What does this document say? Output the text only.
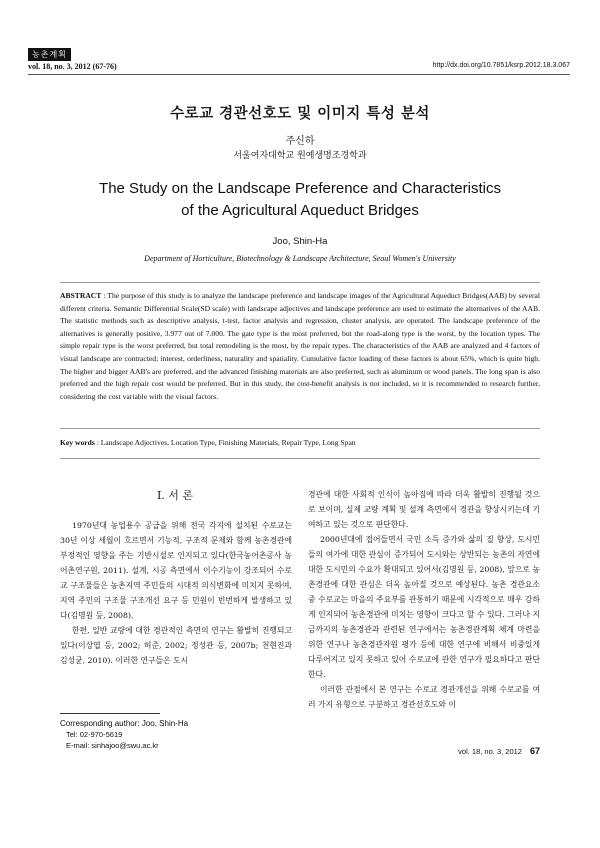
농촌계획
vol. 18, no. 3, 2012 (67-76)	http://dx.doi.org/10.7851/ksrp.2012.18.3.067
수로교 경관선호도 및 이미지 특성 분석
주신하
서울여자대학교 원예생명조경학과
The Study on the Landscape Preference and Characteristics
of the Agricultural Aqueduct Bridges
Joo, Shin-Ha
Department of Horticulture, Biotechnology & Landscape Architecture, Seoul Women's University
ABSTRACT : The purpose of this study is to analyze the landscape preference and landscape images of the Agricultural Aqueduct Bridges(AAB) by several different criteria. Semantic Differential Scale(SD scale) with landscape adjectives and landscape preference are used to estimate the alternatives of the AAB. The statistic methods such as descriptive analysis, t-test, factor analysis and regression, cluster analysis, are operated. The landscape preference of the alternatives is generally positive, 3.977 out of 7.000. The gate type is the most preferred, but the road-along type is the worst, by the location types. The simple repair type is the worst preferred, but total remodeling is the most, by the repair types. The characteristics of the AAB are analyzed and 4 factors of visual landscape are contracted; interest, orderliness, naturality and spatiality. Cumulative factor loading of these factors is about 65%, which is quite high. The higher and bigger AAB's are preferred, and the advanced finishing materials are also preferred, such as aluminum or wood panels. The long span is also preferred and the high repair cost would be preferred. But in this study, the cost-benefit analysis is not included, so it is recommended to research further, considering the cost variable with the visual factors.
Key words : Landscape Adjectives, Location Type, Finishing Materials, Repair Type, Long Span
I. 서 론

1970년대 농업용수 공급을 위해 전국 각지에 설치된 수로교는 30년 이상 세월이 흐르면서 기능적, 구조적 문제와 함께 농촌경관에 부정적인 영향을 주는 기반시설로 인지되고 있다(한국농어촌공사 농어촌연구원, 2011). 설계, 시공 측면에서 이수기능이 강조되어 수로교 구조물들은 농촌지역 주민들의 시대적 의식변화에 미치지 못하여, 지역 주민의 구조물 구조개선 요구 등 민원이 빈번하게 발생하고 있다(김명원 등, 2008).

한편, 일반 교량에 대한 경관적인 측면의 연구는 활발히 진행되고 있다(이상엽 등, 2002; 허준, 2002; 정성관 등, 2007b; 천현진과 김성균, 2010). 이러한 연구들은 도시

경관에 대한 사회적 인식이 높아짐에 따라 더욱 활발히 진행될 것으로 보이며, 실제 교량 계획 및 설계 측면에서 경관을 향상시키는데 기여하고 있는 것으로 판단한다.

2000년대에 접어들면서 국민 소득 증가와 삶의 질 향상, 도시민들의 여가에 대한 관심이 증가되어 도시와는 상반되는 농촌의 자연에 대한 도시민의 수요가 확대되고 있어서(김명원 등, 2008), 앞으로 농촌경관에 대한 관심은 더욱 높아질 것으로 예상된다. 농촌 경관요소 중 수로교는 마을의 주요부를 관통하기 때문에 시각적으로 매우 강하게 인지되어 농촌경관에 미치는 영향이 크다고 할 수 있다. 그러나 지금까지의 농촌경관과 관련된 연구에서는 농촌경관계획 체계 마련을 위한 연구나 농촌경관자원 평가 등에 대한 연구에 비해서 비중있게 다루어지고 있지 못하고 있어 수로교에 관한 연구가 필요하다고 판단한다.

이러한 관점에서 본 연구는 수로교 경관개선을 위해 수로교를 여러 가지 유형으로 구분하고 경관선호도와 이

Corresponding author: Joo, Shin-Ha
Tel: 02-970-5619
E-mail: sinhajoo@swu.ac.kr
vol. 18, no. 3, 2012 67
